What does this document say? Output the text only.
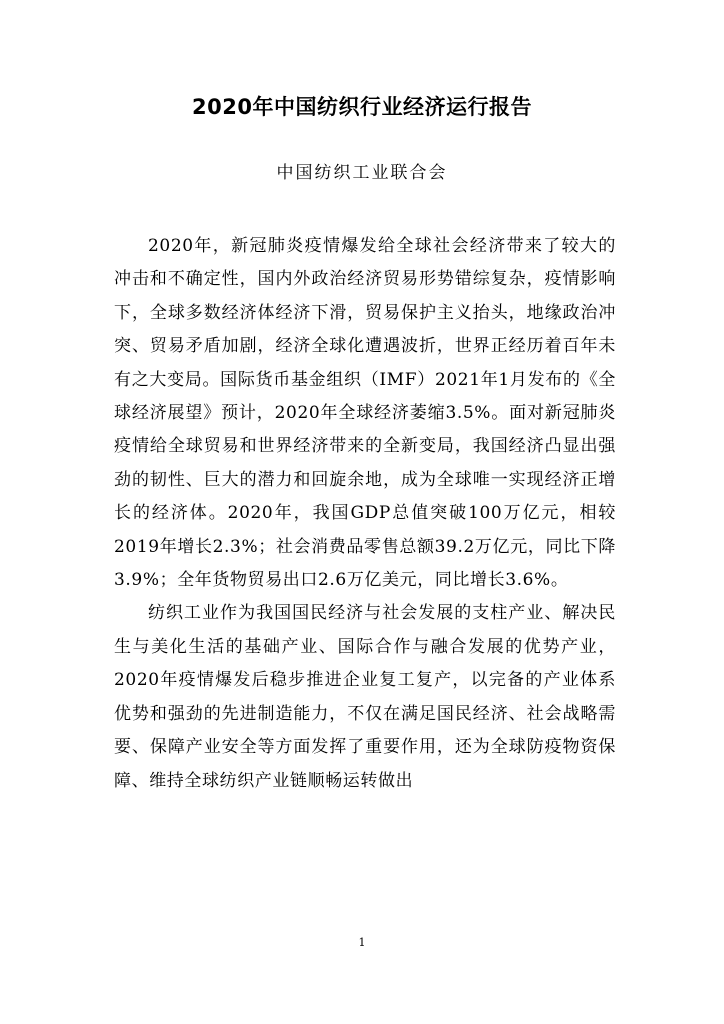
2020年中国纺织行业经济运行报告
中国纺织工业联合会

2020年，新冠肺炎疫情爆发给全球社会经济带来了较大的冲击和不确定性，国内外政治经济贸易形势错综复杂，疫情影响下，全球多数经济体经济下滑，贸易保护主义抬头，地缘政治冲突、贸易矛盾加剧，经济全球化遭遇波折，世界正经历着百年未有之大变局。国际货币基金组织（IMF）2021年1月发布的《全球经济展望》预计，2020年全球经济萎缩3.5%。面对新冠肺炎疫情给全球贸易和世界经济带来的全新变局，我国经济凸显出强劲的韧性、巨大的潜力和回旋余地，成为全球唯一实现经济正增长的经济体。2020年，我国GDP总值突破100万亿元，相较2019年增长2.3%；社会消费品零售总额39.2万亿元，同比下降3.9%；全年货物贸易出口2.6万亿美元，同比增长3.6%。

纺织工业作为我国国民经济与社会发展的支柱产业、解决民生与美化生活的基础产业、国际合作与融合发展的优势产业，2020年疫情爆发后稳步推进企业复工复产，以完备的产业体系优势和强劲的先进制造能力，不仅在满足国民经济、社会战略需要、保障产业安全等方面发挥了重要作用，还为全球防疫物资保障、维持全球纺织产业链顺畅运转做出

1
